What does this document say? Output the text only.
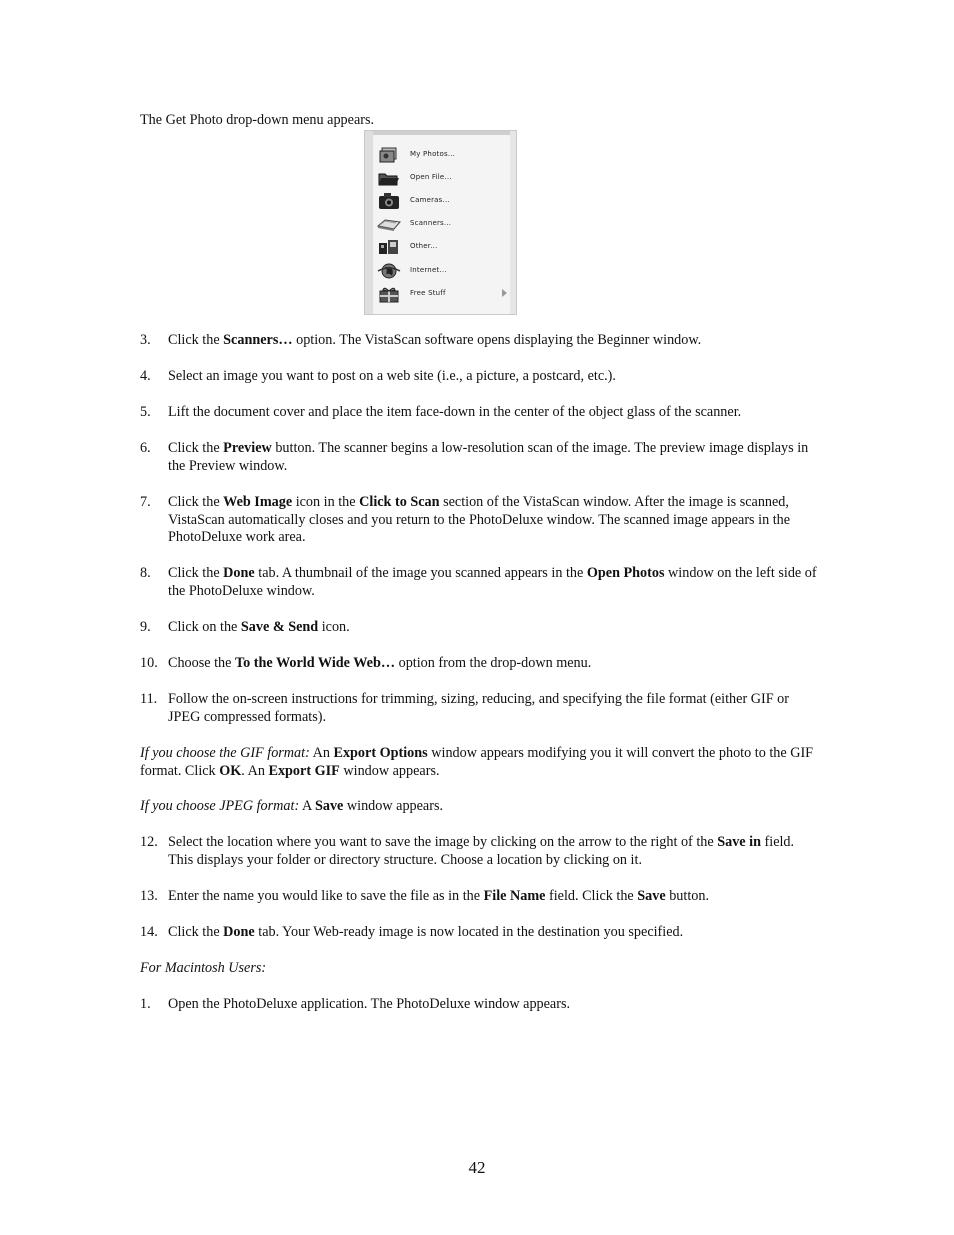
The Get Photo drop-down menu appears.
My Photos...
Open File...
Cameras...
Scanners...
Other...
Internet...
Free Stuff
3. Click the Scanners… option. The VistaScan software opens displaying the Beginner window.
4. Select an image you want to post on a web site (i.e., a picture, a postcard, etc.).
5. Lift the document cover and place the item face-down in the center of the object glass of the scanner.
6. Click the Preview button. The scanner begins a low-resolution scan of the image. The preview image displays in the Preview window.
7. Click the Web Image icon in the Click to Scan section of the VistaScan window. After the image is scanned, VistaScan automatically closes and you return to the PhotoDeluxe window. The scanned image appears in the PhotoDeluxe work area.
8. Click the Done tab. A thumbnail of the image you scanned appears in the Open Photos window on the left side of the PhotoDeluxe window.
9. Click on the Save & Send icon.
10. Choose the To the World Wide Web… option from the drop-down menu.
11. Follow the on-screen instructions for trimming, sizing, reducing, and specifying the file format (either GIF or JPEG compressed formats).
If you choose the GIF format: An Export Options window appears modifying you it will convert the photo to the GIF format. Click OK. An Export GIF window appears.
If you choose JPEG format: A Save window appears.
12. Select the location where you want to save the image by clicking on the arrow to the right of the Save in field. This displays your folder or directory structure. Choose a location by clicking on it.
13. Enter the name you would like to save the file as in the File Name field. Click the Save button.
14. Click the Done tab. Your Web-ready image is now located in the destination you specified.
For Macintosh Users:
1. Open the PhotoDeluxe application. The PhotoDeluxe window appears.
42
